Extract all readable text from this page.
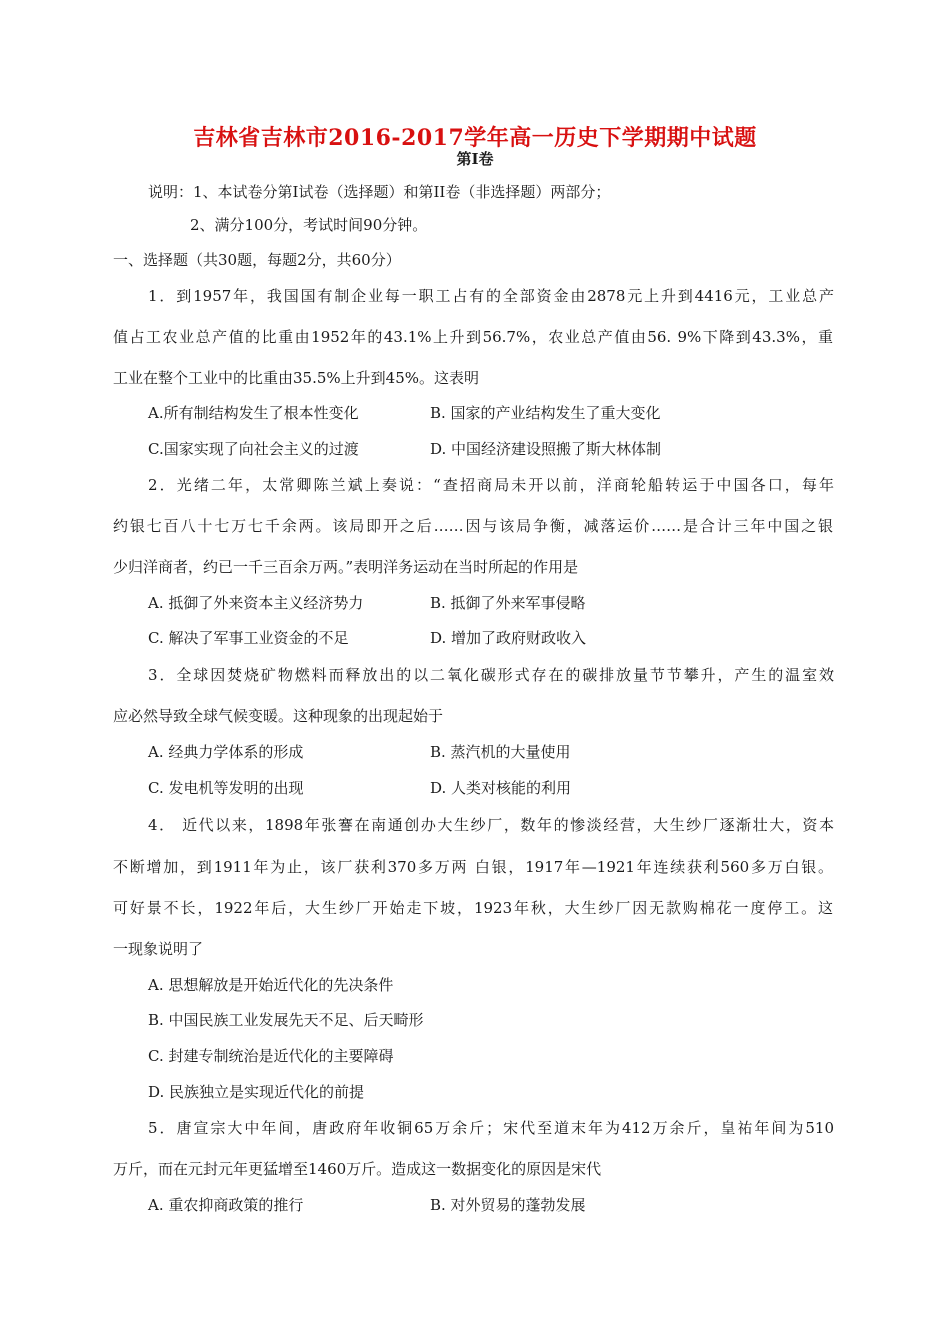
吉林省吉林市2016-2017学年高一历史下学期期中试题
第Ⅰ卷
说明：1、本试卷分第Ⅰ试卷（选择题）和第ⅠⅠ卷（非选择题）两部分；
2、满分100分，考试时间90分钟。
一、选择题（共30题，每题2分，共60分）
1．到1957年，我国国有制企业每一职工占有的全部资金由2878元上升到4416元，工业总产
值占工农业总产值的比重由1952年的43.1%上升到56.7%，农业总产值由56. 9%下降到43.3%，重
工业在整个工业中的比重由35.5%上升到45%。这表明
A.所有制结构发生了根本性变化	B. 国家的产业结构发生了重大变化
C.国家实现了向社会主义的过渡	D. 中国经济建设照搬了斯大林体制
2．光绪二年，太常卿陈兰斌上奏说：“查招商局未开以前，洋商轮船转运于中国各口，每年
约银七百八十七万七千余两。该局即开之后……因与该局争衡，减落运价……是合计三年中国之银
少归洋商者，约已一千三百余万两。”表明洋务运动在当时所起的作用是
A. 抵御了外来资本主义经济势力	B. 抵御了外来军事侵略
C. 解决了军事工业资金的不足	D. 增加了政府财政收入
3．全球因焚烧矿物燃料而释放出的以二氧化碳形式存在的碳排放量节节攀升，产生的温室效
应必然导致全球气候变暖。这种现象的出现起始于
A. 经典力学体系的形成	B. 蒸汽机的大量使用
C. 发电机等发明的出现	D. 人类对核能的利用
4． 近代以来，1898年张謇在南通创办大生纱厂，数年的惨淡经营，大生纱厂逐渐壮大，资本
不断增加，到1911年为止，该厂获利370多万两 白银，1917年—1921年连续获利560多万白银。
可好景不长，1922年后，大生纱厂开始走下坡，1923年秋，大生纱厂因无款购棉花一度停工。这
一现象说明了
A. 思想解放是开始近代化的先决条件
B. 中国民族工业发展先天不足、后天畸形
C. 封建专制统治是近代化的主要障碍
D. 民族独立是实现近代化的前提
5．唐宣宗大中年间，唐政府年收铜65万余斤；宋代至道末年为412万余斤，皇祐年间为510
万斤，而在元封元年更猛增至1460万斤。造成这一数据变化的原因是宋代
A. 重农抑商政策的推行	B. 对外贸易的蓬勃发展
